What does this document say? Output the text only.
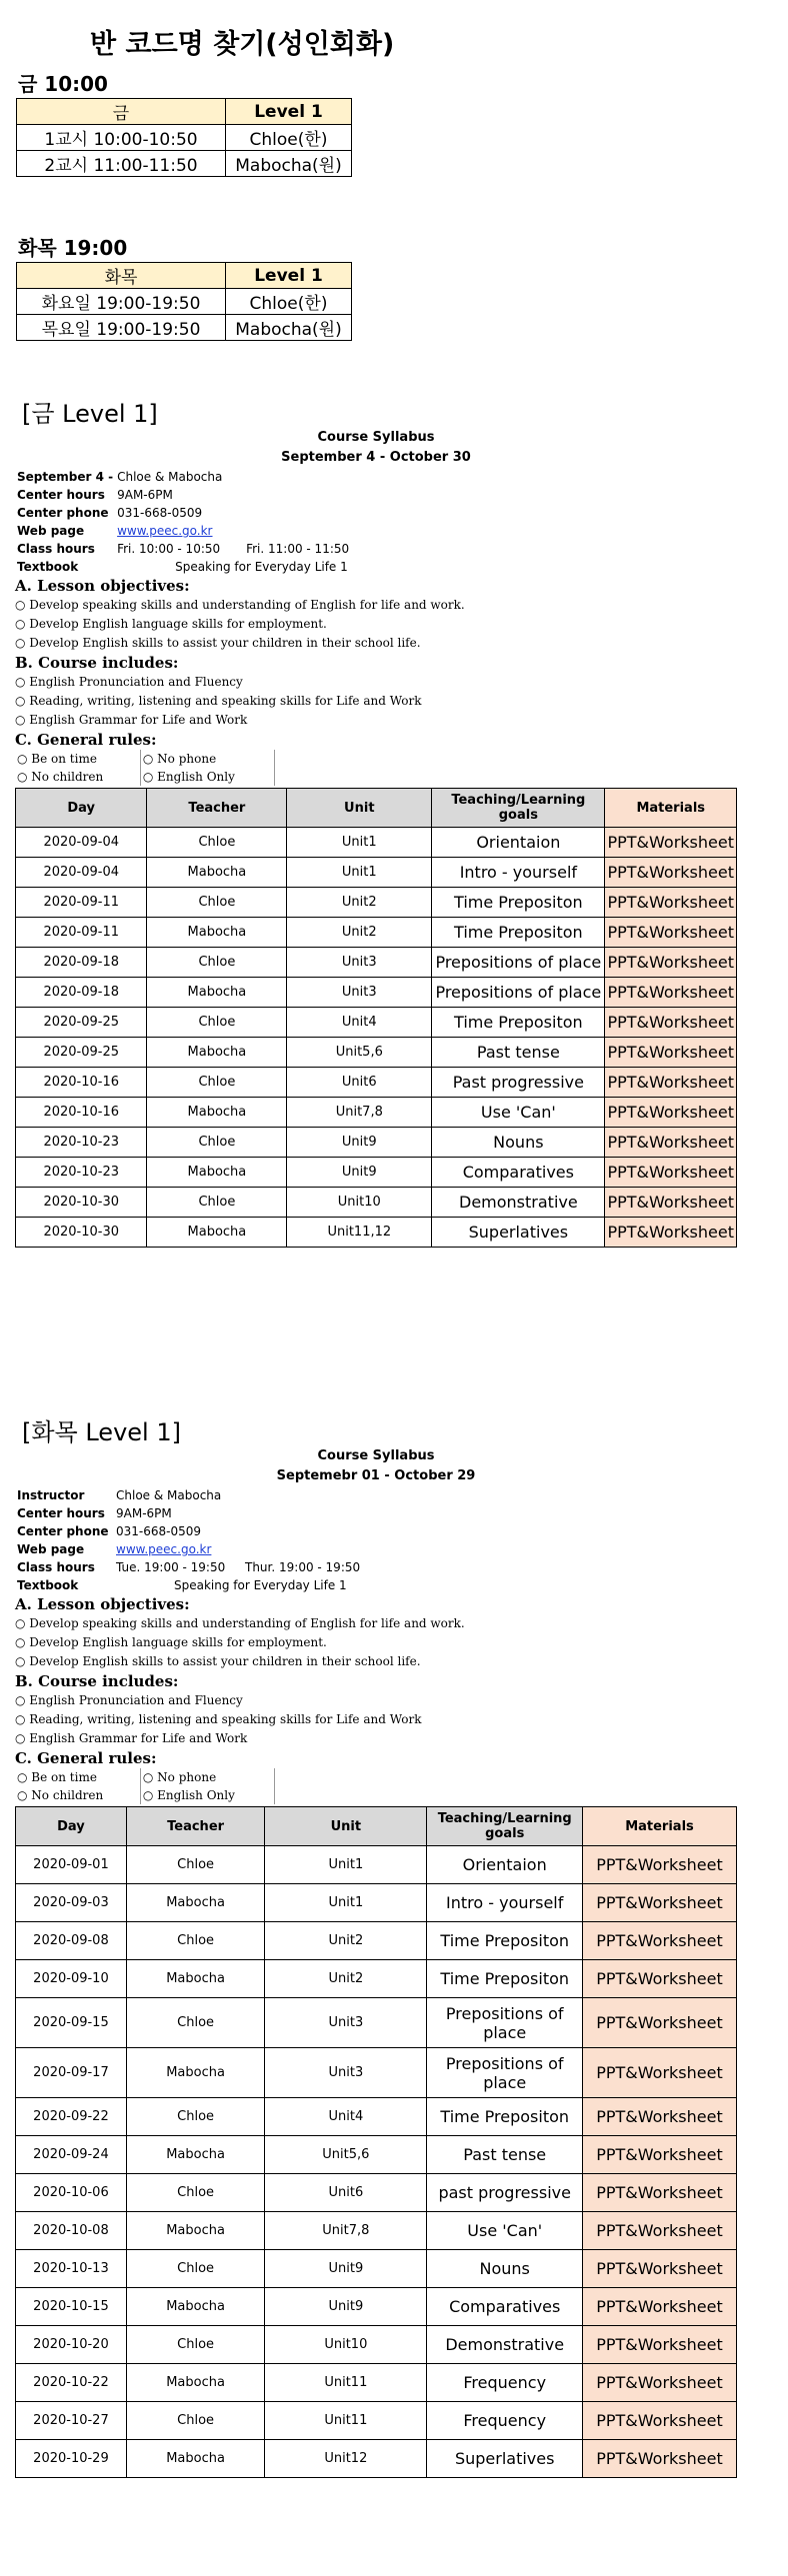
반 코드명 찾기(성인회화)
금 10:00
금	Level 1
1교시 10:00-10:50	Chloe(한)
2교시 11:00-11:50	Mabocha(원)
화목 19:00
화목	Level 1
화요일 19:00-19:50	Chloe(한)
목요일 19:00-19:50	Mabocha(원)
[금 Level 1]
Course Syllabus
September 4 - October 30
September 4 -	Chloe & Mabocha	
Center hours	9AM-6PM	
Center phone	031-668-0509	
Web page	www.peec.go.kr	
Class hours	Fri. 10:00 - 10:50	Fri. 11:00 - 11:50
Textbook	Speaking for Everyday Life 1	
A. Lesson objectives:
○ Develop speaking skills and understanding of English for life and work.
○ Develop English language skills for employment.
○ Develop English skills to assist your children in their school life.
B. Course includes:
○ English Pronunciation and Fluency
○ Reading, writing, listening and speaking skills for Life and Work
○ English Grammar for Life and Work
C. General rules:
○ Be on time	○ No phone
○ No children	○ English Only
Day	Teacher	Unit	Teaching/Learning goals	Materials
2020-09-04	Chloe	Unit1	Orientaion	PPT&Worksheet
2020-09-04	Mabocha	Unit1	Intro - yourself	PPT&Worksheet
2020-09-11	Chloe	Unit2	Time Prepositon	PPT&Worksheet
2020-09-11	Mabocha	Unit2	Time Prepositon	PPT&Worksheet
2020-09-18	Chloe	Unit3	Prepositions of place	PPT&Worksheet
2020-09-18	Mabocha	Unit3	Prepositions of place	PPT&Worksheet
2020-09-25	Chloe	Unit4	Time Prepositon	PPT&Worksheet
2020-09-25	Mabocha	Unit5,6	Past tense	PPT&Worksheet
2020-10-16	Chloe	Unit6	Past progressive	PPT&Worksheet
2020-10-16	Mabocha	Unit7,8	Use 'Can'	PPT&Worksheet
2020-10-23	Chloe	Unit9	Nouns	PPT&Worksheet
2020-10-23	Mabocha	Unit9	Comparatives	PPT&Worksheet
2020-10-30	Chloe	Unit10	Demonstrative	PPT&Worksheet
2020-10-30	Mabocha	Unit11,12	Superlatives	PPT&Worksheet
[화목 Level 1]
Course Syllabus
Septemebr 01 - October 29
Instructor	Chloe & Mabocha	
Center hours	9AM-6PM	
Center phone	031-668-0509	
Web page	www.peec.go.kr	
Class hours	Tue. 19:00 - 19:50	Thur. 19:00 - 19:50
Textbook	Speaking for Everyday Life 1	
A. Lesson objectives:
○ Develop speaking skills and understanding of English for life and work.
○ Develop English language skills for employment.
○ Develop English skills to assist your children in their school life.
B. Course includes:
○ English Pronunciation and Fluency
○ Reading, writing, listening and speaking skills for Life and Work
○ English Grammar for Life and Work
C. General rules:
○ Be on time	○ No phone
○ No children	○ English Only
Day	Teacher	Unit	Teaching/Learning goals	Materials
2020-09-01	Chloe	Unit1	Orientaion	PPT&Worksheet
2020-09-03	Mabocha	Unit1	Intro - yourself	PPT&Worksheet
2020-09-08	Chloe	Unit2	Time Prepositon	PPT&Worksheet
2020-09-10	Mabocha	Unit2	Time Prepositon	PPT&Worksheet
2020-09-15	Chloe	Unit3	Prepositions of place	PPT&Worksheet
2020-09-17	Mabocha	Unit3	Prepositions of place	PPT&Worksheet
2020-09-22	Chloe	Unit4	Time Prepositon	PPT&Worksheet
2020-09-24	Mabocha	Unit5,6	Past tense	PPT&Worksheet
2020-10-06	Chloe	Unit6	past progressive	PPT&Worksheet
2020-10-08	Mabocha	Unit7,8	Use 'Can'	PPT&Worksheet
2020-10-13	Chloe	Unit9	Nouns	PPT&Worksheet
2020-10-15	Mabocha	Unit9	Comparatives	PPT&Worksheet
2020-10-20	Chloe	Unit10	Demonstrative	PPT&Worksheet
2020-10-22	Mabocha	Unit11	Frequency	PPT&Worksheet
2020-10-27	Chloe	Unit11	Frequency	PPT&Worksheet
2020-10-29	Mabocha	Unit12	Superlatives	PPT&Worksheet
